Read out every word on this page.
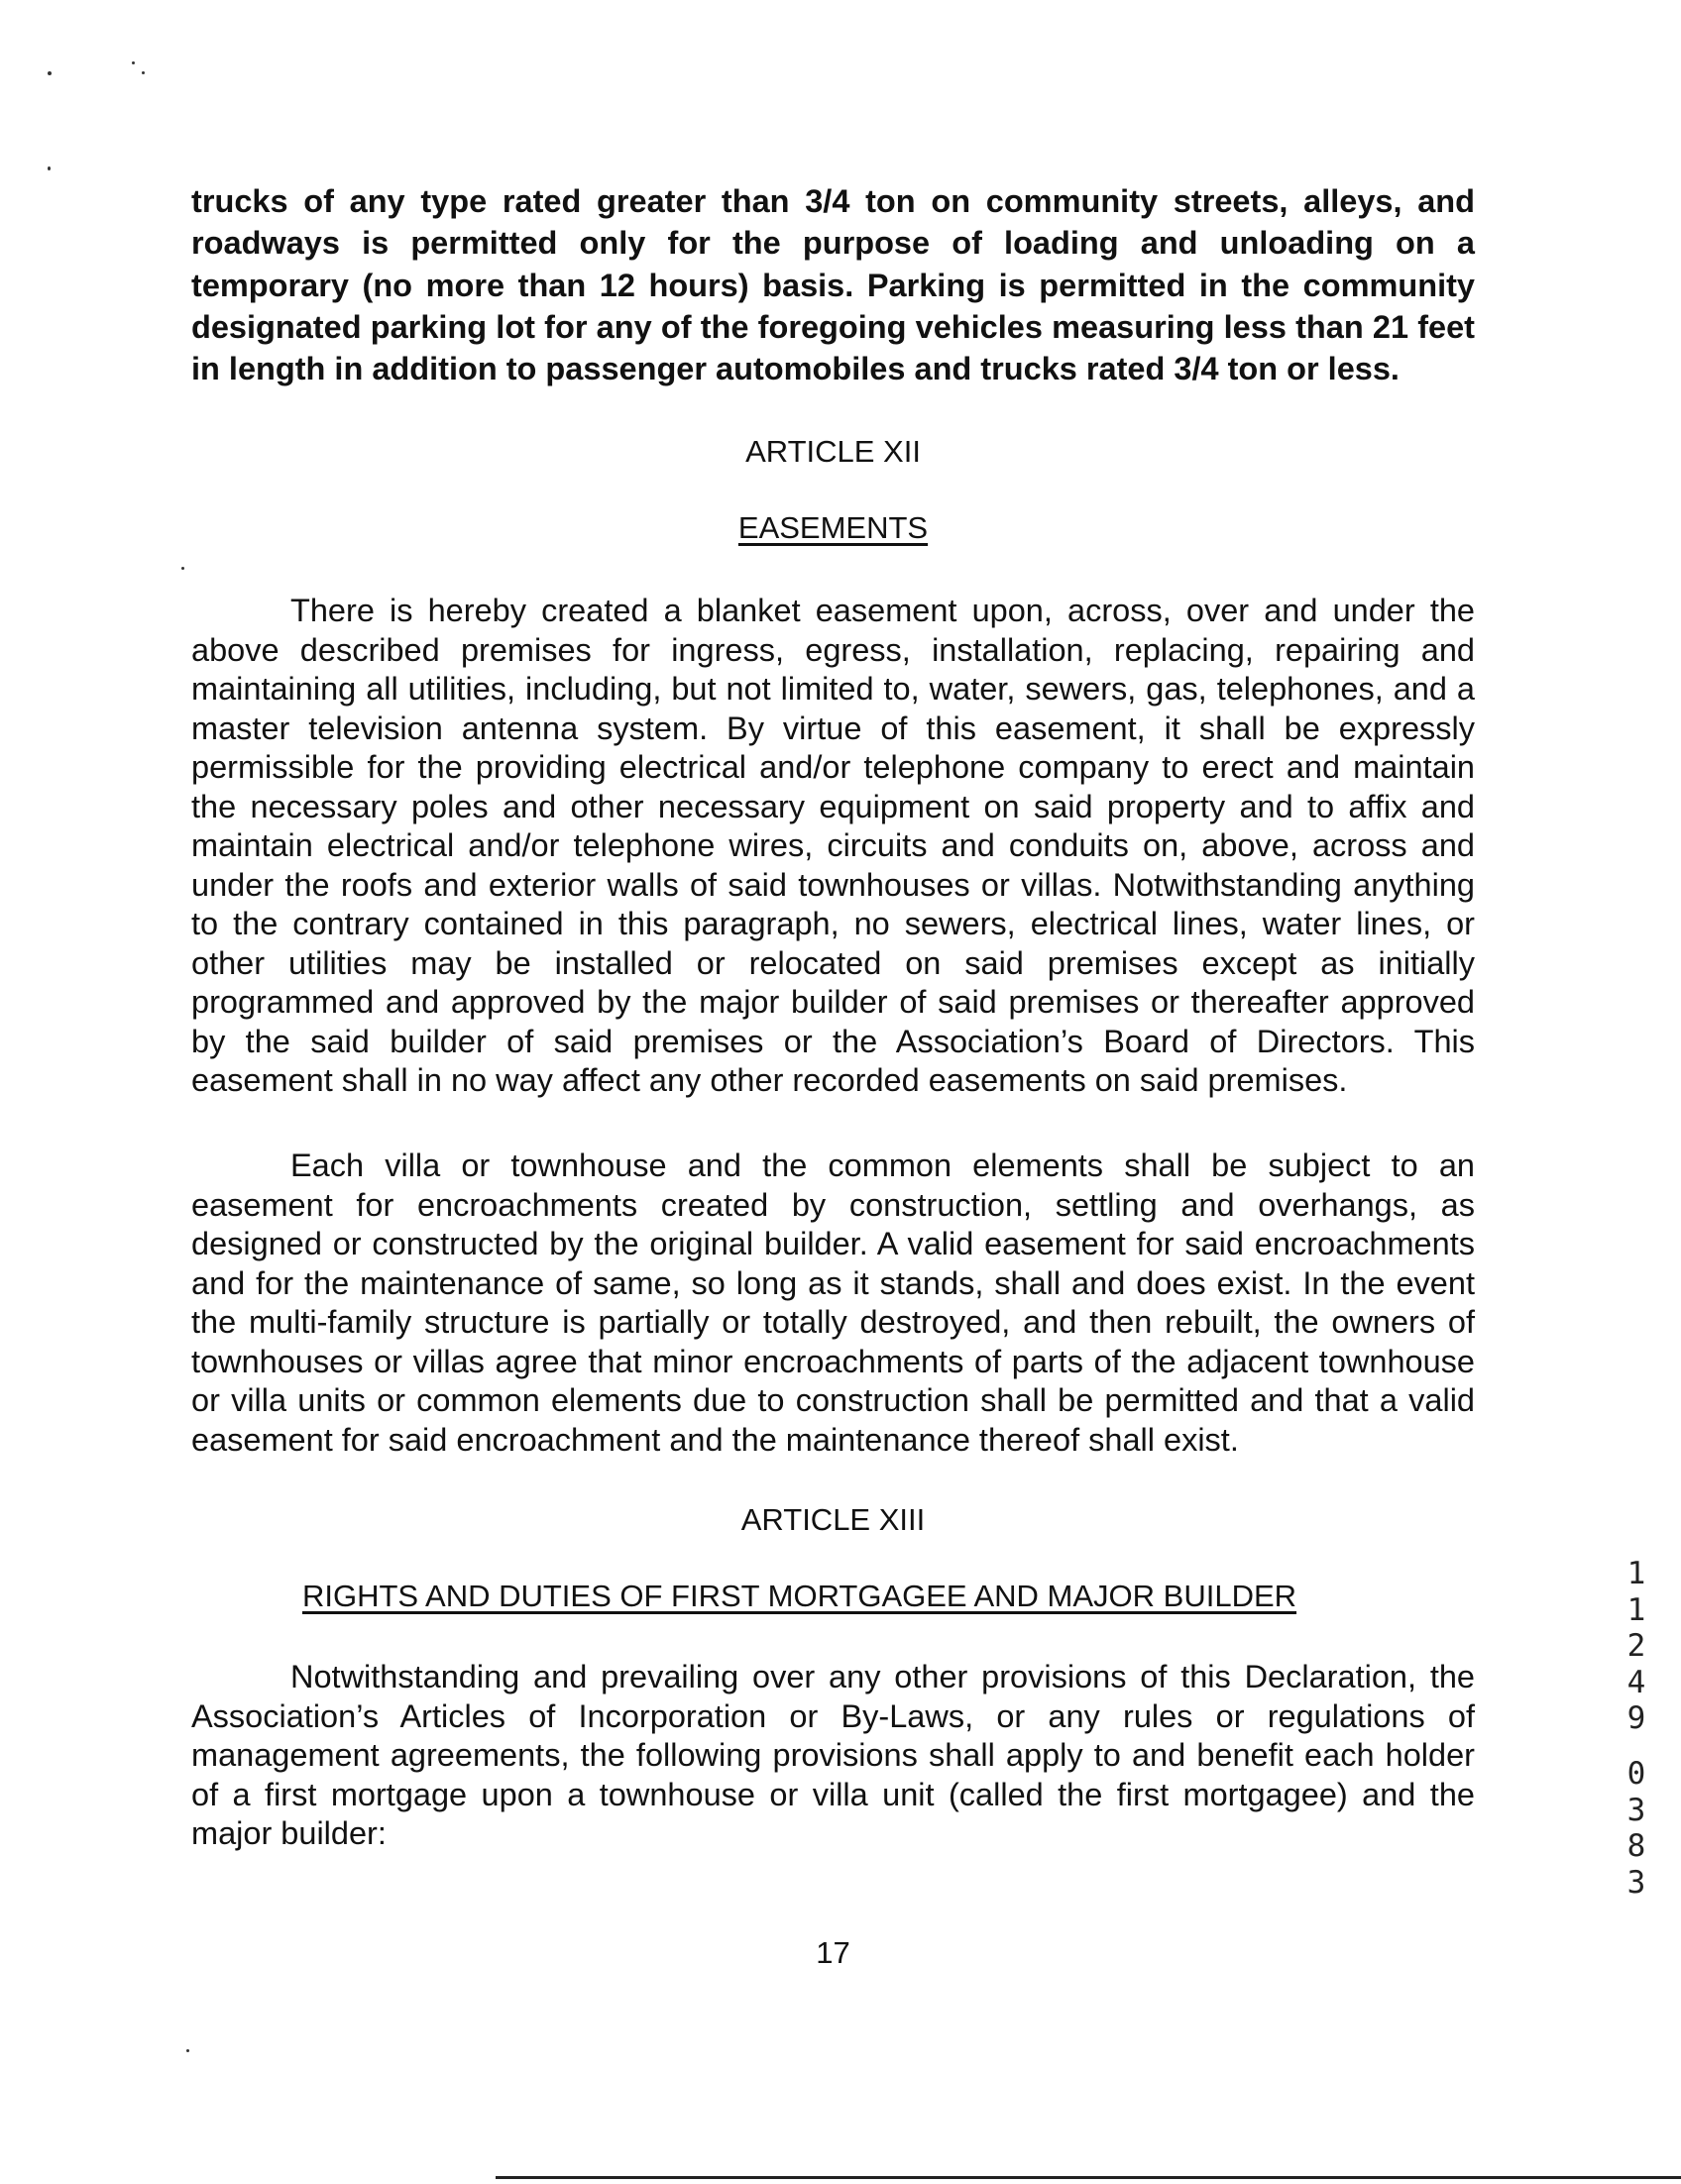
trucks of any type rated greater than 3/4 ton on community streets, alleys, and roadways is permitted only for the purpose of loading and unloading on a temporary (no more than 12 hours) basis. Parking is permitted in the community designated parking lot for any of the foregoing vehicles measuring less than 21 feet in length in addition to passenger automobiles and trucks rated 3/4 ton or less.

ARTICLE XII

EASEMENTS

There is hereby created a blanket easement upon, across, over and under the above described premises for ingress, egress, installation, replacing, repairing and maintaining all utilities, including, but not limited to, water, sewers, gas, telephones, and a master television antenna system. By virtue of this easement, it shall be expressly permissible for the providing electrical and/or telephone company to erect and maintain the necessary poles and other necessary equipment on said property and to affix and maintain electrical and/or telephone wires, circuits and conduits on, above, across and under the roofs and exterior walls of said townhouses or villas. Notwithstanding anything to the contrary contained in this paragraph, no sewers, electrical lines, water lines, or other utilities may be installed or relocated on said premises except as initially programmed and approved by the major builder of said premises or thereafter approved by the said builder of said premises or the Association’s Board of Directors. This easement shall in no way affect any other recorded easements on said premises.

Each villa or townhouse and the common elements shall be subject to an easement for encroachments created by construction, settling and overhangs, as designed or constructed by the original builder. A valid easement for said encroachments and for the maintenance of same, so long as it stands, shall and does exist. In the event the multi-family structure is partially or totally destroyed, and then rebuilt, the owners of townhouses or villas agree that minor encroachments of parts of the adjacent townhouse or villa units or common elements due to construction shall be permitted and that a valid easement for said encroachment and the maintenance thereof shall exist.

ARTICLE XIII

RIGHTS AND DUTIES OF FIRST MORTGAGEE AND MAJOR BUILDER

Notwithstanding and prevailing over any other provisions of this Declaration, the Association’s Articles of Incorporation or By-Laws, or any rules or regulations of management agreements, the following provisions shall apply to and benefit each holder of a first mortgage upon a townhouse or villa unit (called the first mortgagee) and the major builder:

17
1
1
2
4
9
0
3
8
3
